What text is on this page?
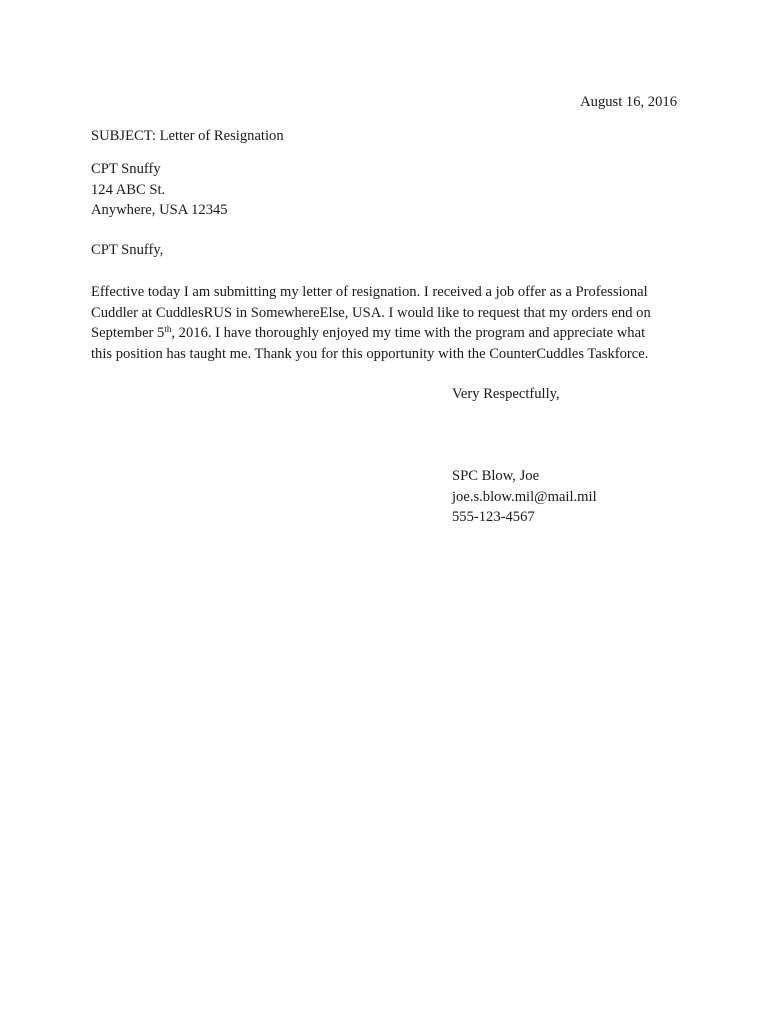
August 16, 2016
SUBJECT: Letter of Resignation
CPT Snuffy
124 ABC St.
Anywhere, USA 12345
CPT Snuffy,

Effective today I am submitting my letter of resignation. I received a job offer as a Professional
Cuddler at CuddlesRUS in SomewhereElse, USA. I would like to request that my orders end on
September 5th, 2016. I have thoroughly enjoyed my time with the program and appreciate what
this position has taught me. Thank you for this opportunity with the CounterCuddles Taskforce.

Very Respectfully,
SPC Blow, Joe
joe.s.blow.mil@mail.mil
555-123-4567
